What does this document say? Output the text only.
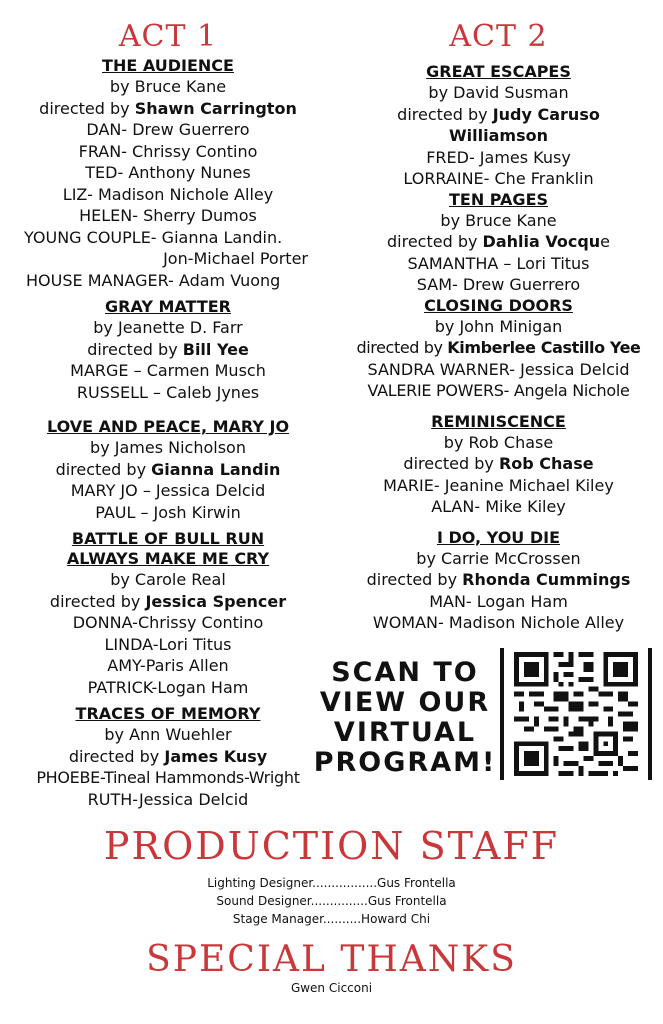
ACT 1
THE AUDIENCE
by Bruce Kane
directed by Shawn Carrington
DAN- Drew Guerrero
FRAN- Chrissy Contino
TED- Anthony Nunes
LIZ- Madison Nichole Alley
HELEN- Sherry Dumos
YOUNG COUPLE- Gianna Landin.
Jon-Michael Porter
HOUSE MANAGER- Adam Vuong
GRAY MATTER
by Jeanette D. Farr
directed by Bill Yee
MARGE – Carmen Musch
RUSSELL – Caleb Jynes
LOVE AND PEACE, MARY JO
by James Nicholson
directed by Gianna Landin
MARY JO – Jessica Delcid
PAUL – Josh Kirwin
BATTLE OF BULL RUN
ALWAYS MAKE ME CRY
by Carole Real
directed by Jessica Spencer
DONNA-Chrissy Contino
LINDA-Lori Titus
AMY-Paris Allen
PATRICK-Logan Ham
TRACES OF MEMORY
by Ann Wuehler
directed by James Kusy
PHOEBE-Tineal Hammonds-Wright
RUTH-Jessica Delcid
ACT 2
GREAT ESCAPES
by David Susman
directed by Judy Caruso
Williamson
FRED- James Kusy
LORRAINE- Che Franklin
TEN PAGES
by Bruce Kane
directed by Dahlia Vocque
SAMANTHA – Lori Titus
SAM- Drew Guerrero
CLOSING DOORS
by John Minigan
directed by Kimberlee Castillo Yee
SANDRA WARNER- Jessica Delcid
VALERIE POWERS- Angela Nichole
REMINISCENCE
by Rob Chase
directed by Rob Chase
MARIE- Jeanine Michael Kiley
ALAN- Mike Kiley
I DO, YOU DIE
by Carrie McCrossen
directed by Rhonda Cummings
MAN- Logan Ham
WOMAN- Madison Nichole Alley
SCAN TO
VIEW OUR
VIRTUAL
PROGRAM!
PRODUCTION STAFF
Lighting Designer.................Gus Frontella
Sound Designer...............Gus Frontella
Stage Manager..........Howard Chi
SPECIAL THANKS
Gwen Cicconi
